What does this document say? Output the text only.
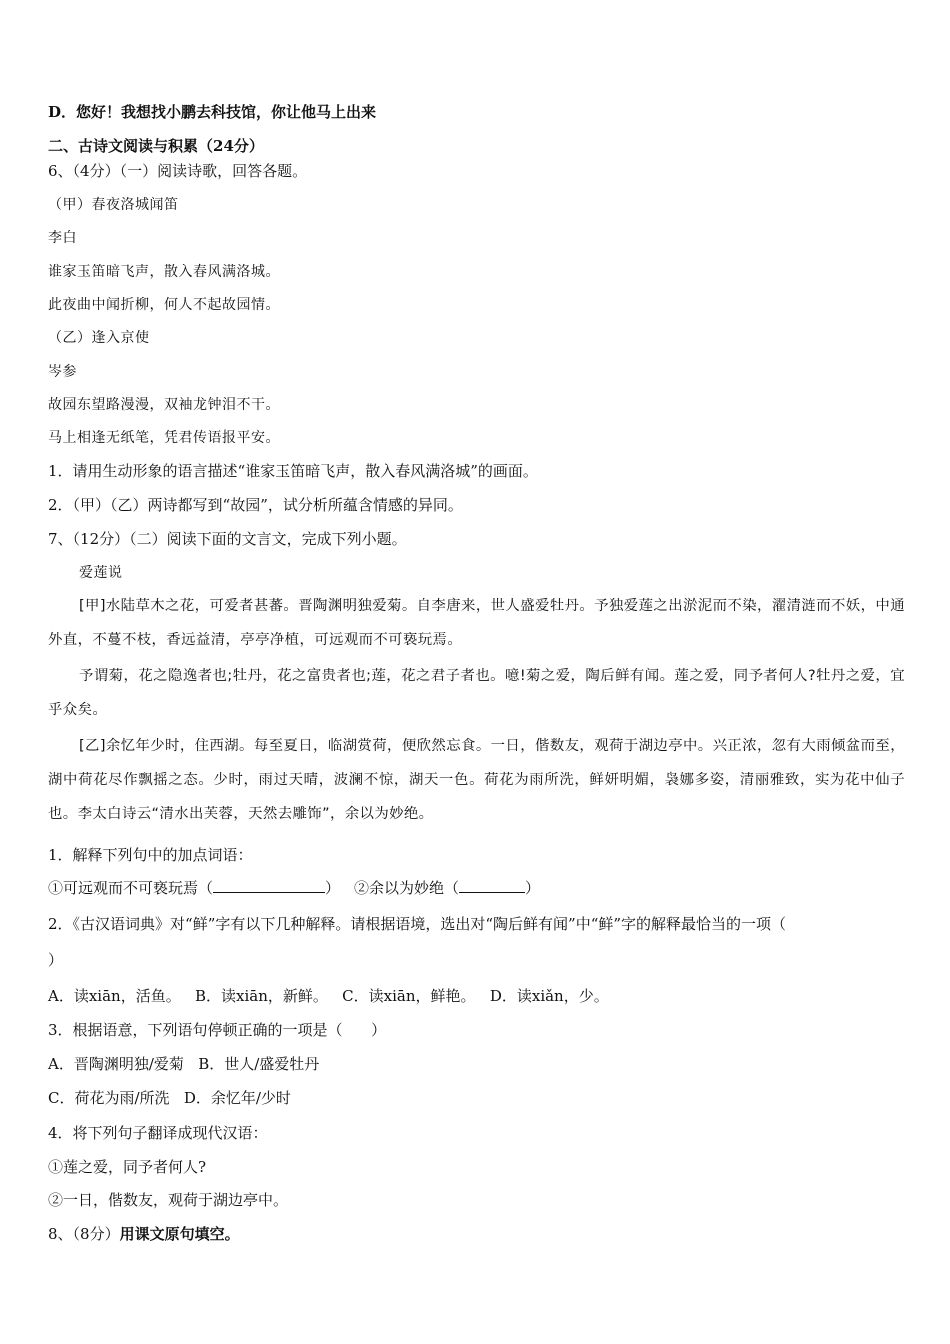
D．您好！我想找小鹏去科技馆，你让他马上出来
二、古诗文阅读与积累（24分）
6、（4分）（一）阅读诗歌，回答各题。
（甲）春夜洛城闻笛
李白
谁家玉笛暗飞声，散入春风满洛城。
此夜曲中闻折柳，何人不起故园情。
（乙）逢入京使
岑参
故园东望路漫漫，双袖龙钟泪不干。
马上相逢无纸笔，凭君传语报平安。
1．请用生动形象的语言描述“谁家玉笛暗飞声，散入春风满洛城”的画面。
2．（甲）（乙）两诗都写到“故园”，试分析所蕴含情感的异同。
7、（12分）（二）阅读下面的文言文，完成下列小题。
爱莲说
[甲]水陆草木之花，可爱者甚蕃。晋陶渊明独爱菊。自李唐来，世人盛爱牡丹。予独爱莲之出淤泥而不染，濯清涟而不妖，中通外直，不蔓不枝，香远益清，亭亭净植，可远观而不可亵玩焉。
予谓菊，花之隐逸者也;牡丹，花之富贵者也;莲，花之君子者也。噫!菊之爱，陶后鲜有闻。莲之爱，同予者何人?牡丹之爱，宜乎众矣。
[乙]余忆年少时，住西湖。每至夏日，临湖赏荷，便欣然忘食。一日，偕数友，观荷于湖边亭中。兴正浓，忽有大雨倾盆而至，湖中荷花尽作飘摇之态。少时，雨过天晴，波澜不惊，湖天一色。荷花为雨所洗，鲜妍明媚，袅娜多姿，清丽雅致，实为花中仙子也。李太白诗云“清水出芙蓉，天然去雕饰”，余以为妙绝。
1．解释下列句中的加点词语：
①可远观而不可亵玩焉（	） ②余以为妙绝（	）
2．《古汉语词典》对“鲜”字有以下几种解释。请根据语境，选出对“陶后鲜有闻”中“鲜”字的解释最恰当的一项（
）
A．读xiān，活鱼。   B．读xiān，新鲜。   C．读xiān，鲜艳。   D．读xiǎn，少。
3．根据语意，下列语句停顿正确的一项是（      ）
A．晋陶渊明独/爱菊   B．世人/盛爱牡丹
C．荷花为雨/所洗   D．余忆年/少时
4．将下列句子翻译成现代汉语：
①莲之爱，同予者何人?
②一日，偕数友，观荷于湖边亭中。
8、（8分）用课文原句填空。
